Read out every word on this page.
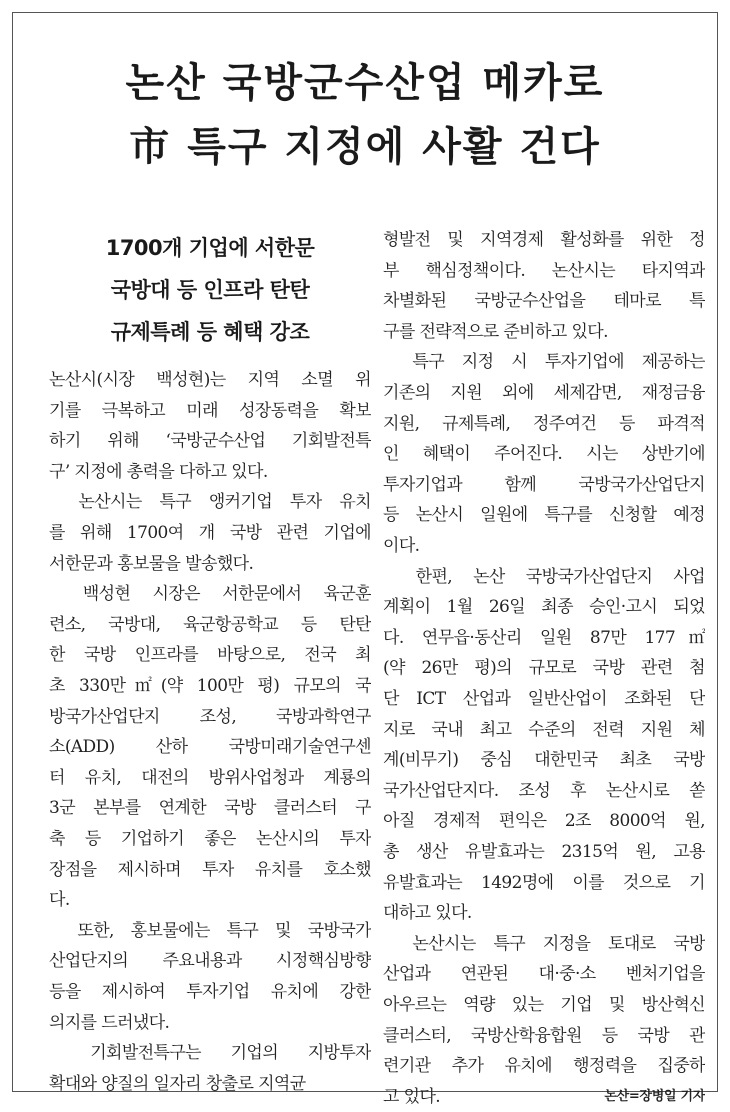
논산 국방군수산업 메카로
市 특구 지정에 사활 건다
1700개 기업에 서한문
국방대 등 인프라 탄탄
규제특례 등 혜택 강조
논산시(시장 백성현)는 지역 소멸 위
기를 극복하고 미래 성장동력을 확보
하기 위해 ‘국방군수산업 기회발전특
구’ 지정에 총력을 다하고 있다.
　논산시는 특구 앵커기업 투자 유치
를 위해 1700여 개 국방 관련 기업에
서한문과 홍보물을 발송했다.
　백성현 시장은 서한문에서 육군훈
련소, 국방대, 육군항공학교 등 탄탄
한 국방 인프라를 바탕으로, 전국 최
초 330만㎡(약 100만 평) 규모의 국
방국가산업단지 조성, 국방과학연구
소(ADD) 산하 국방미래기술연구센
터 유치, 대전의 방위사업청과 계룡의
3군 본부를 연계한 국방 클러스터 구
축 등 기업하기 좋은 논산시의 투자
장점을 제시하며 투자 유치를 호소했
다.
　또한, 홍보물에는 특구 및 국방국가
산업단지의 주요내용과 시정핵심방향
등을 제시하여 투자기업 유치에 강한
의지를 드러냈다.
　기회발전특구는 기업의 지방투자
확대와 양질의 일자리 창출로 지역균
형발전 및 지역경제 활성화를 위한 정
부 핵심정책이다. 논산시는 타지역과
차별화된 국방군수산업을 테마로 특
구를 전략적으로 준비하고 있다.
　특구 지정 시 투자기업에 제공하는
기존의 지원 외에 세제감면, 재정금융
지원, 규제특례, 정주여건 등 파격적
인 혜택이 주어진다. 시는 상반기에
투자기업과 함께 국방국가산업단지
등 논산시 일원에 특구를 신청할 예정
이다.
　한편, 논산 국방국가산업단지 사업
계획이 1월 26일 최종 승인·고시 되었
다. 연무읍·동산리 일원 87만 177㎡
(약 26만 평)의 규모로 국방 관련 첨
단 ICT 산업과 일반산업이 조화된 단
지로 국내 최고 수준의 전력 지원 체
계(비무기) 중심 대한민국 최초 국방
국가산업단지다. 조성 후 논산시로 쏟
아질 경제적 편익은 2조 8000억 원,
총 생산 유발효과는 2315억 원, 고용
유발효과는 1492명에 이를 것으로 기
대하고 있다.
　논산시는 특구 지정을 토대로 국방
산업과 연관된 대·중·소 벤처기업을
아우르는 역량 있는 기업 및 방산혁신
클러스터, 국방산학융합원 등 국방 관
련기관 추가 유치에 행정력을 집중하
고 있다.	논산=장병일 기자
